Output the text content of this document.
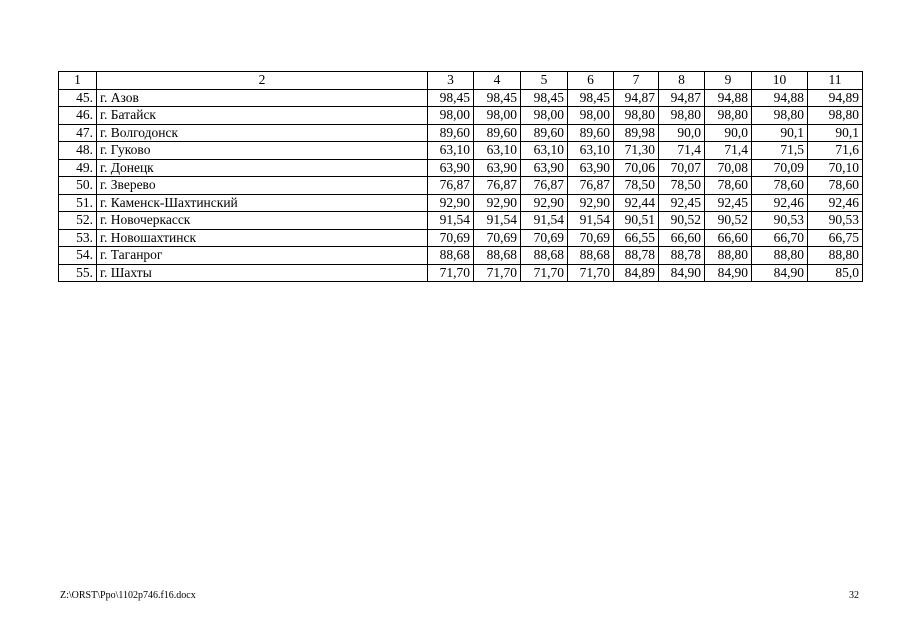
1	2	3	4	5	6	7	8	9	10	11
45.	г. Азов	98,45	98,45	98,45	98,45	94,87	94,87	94,88	94,88	94,89
46.	г. Батайск	98,00	98,00	98,00	98,00	98,80	98,80	98,80	98,80	98,80
47.	г. Волгодонск	89,60	89,60	89,60	89,60	89,98	90,0	90,0	90,1	90,1
48.	г. Гуково	63,10	63,10	63,10	63,10	71,30	71,4	71,4	71,5	71,6
49.	г. Донецк	63,90	63,90	63,90	63,90	70,06	70,07	70,08	70,09	70,10
50.	г. Зверево	76,87	76,87	76,87	76,87	78,50	78,50	78,60	78,60	78,60
51.	г. Каменск-Шахтинский	92,90	92,90	92,90	92,90	92,44	92,45	92,45	92,46	92,46
52.	г. Новочеркасск	91,54	91,54	91,54	91,54	90,51	90,52	90,52	90,53	90,53
53.	г. Новошахтинск	70,69	70,69	70,69	70,69	66,55	66,60	66,60	66,70	66,75
54.	г. Таганрог	88,68	88,68	88,68	88,68	88,78	88,78	88,80	88,80	88,80
55.	г. Шахты	71,70	71,70	71,70	71,70	84,89	84,90	84,90	84,90	85,0
Z:\ORST\Ppo\1102p746.f16.docx	32
